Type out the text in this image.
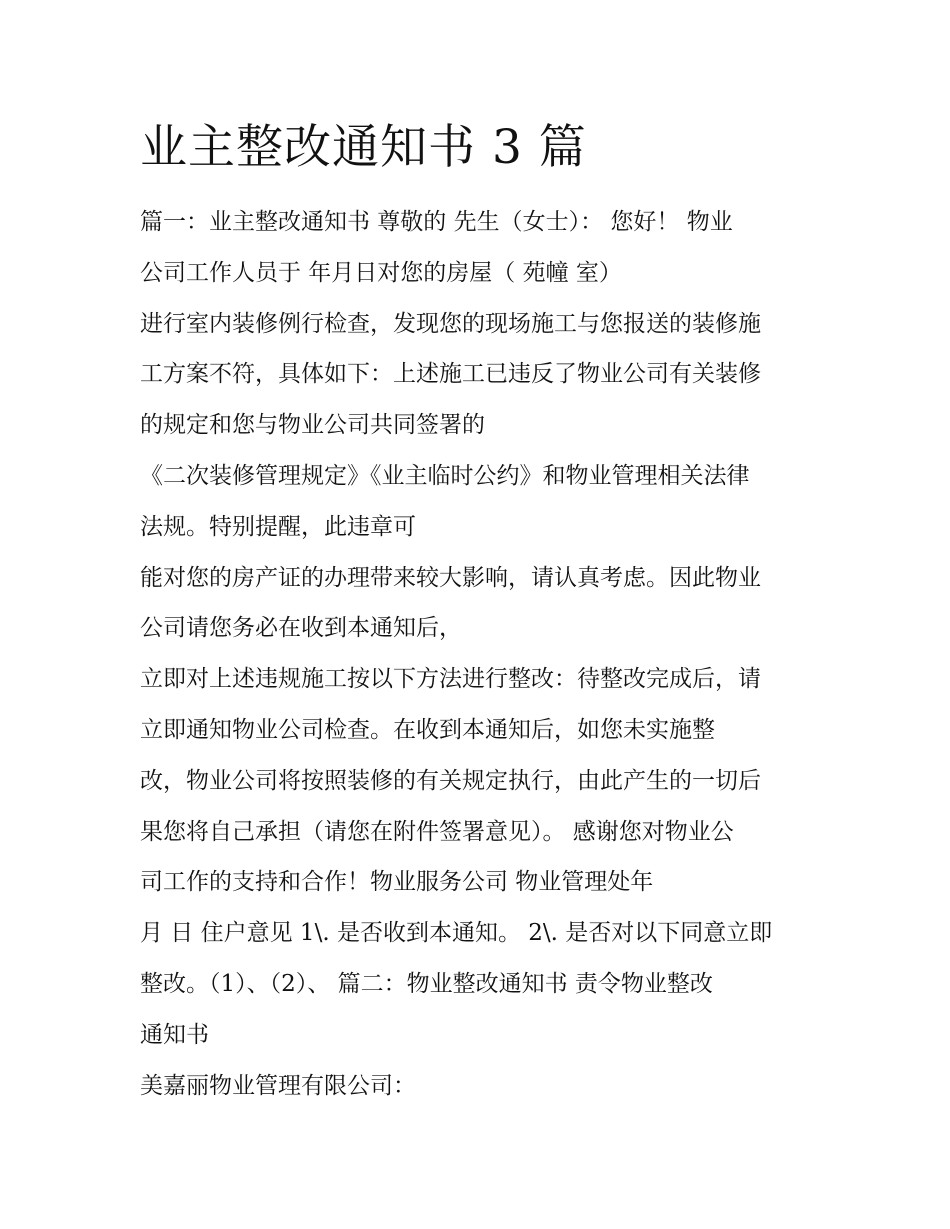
业主整改通知书 3 篇
篇一：业主整改通知书 尊敬的 先生（女士）： 您好！ 物业
公司工作人员于 年月日对您的房屋（ 苑幢 室）
进行室内装修例行检查，发现您的现场施工与您报送的装修施
工方案不符，具体如下：上述施工已违反了物业公司有关装修
的规定和您与物业公司共同签署的
《二次装修管理规定》《业主临时公约》和物业管理相关法律
法规。特别提醒，此违章可
能对您的房产证的办理带来较大影响，请认真考虑。因此物业
公司请您务必在收到本通知后，
立即对上述违规施工按以下方法进行整改：待整改完成后，请
立即通知物业公司检查。在收到本通知后，如您未实施整
改，物业公司将按照装修的有关规定执行，由此产生的一切后
果您将自己承担（请您在附件签署意见）。 感谢您对物业公
司工作的支持和合作！物业服务公司 物业管理处年
月 日 住户意见 1\. 是否收到本通知。 2\. 是否对以下同意立即
整改。（1）、（2）、 篇二：物业整改通知书 责令物业整改
通知书
美嘉丽物业管理有限公司：
